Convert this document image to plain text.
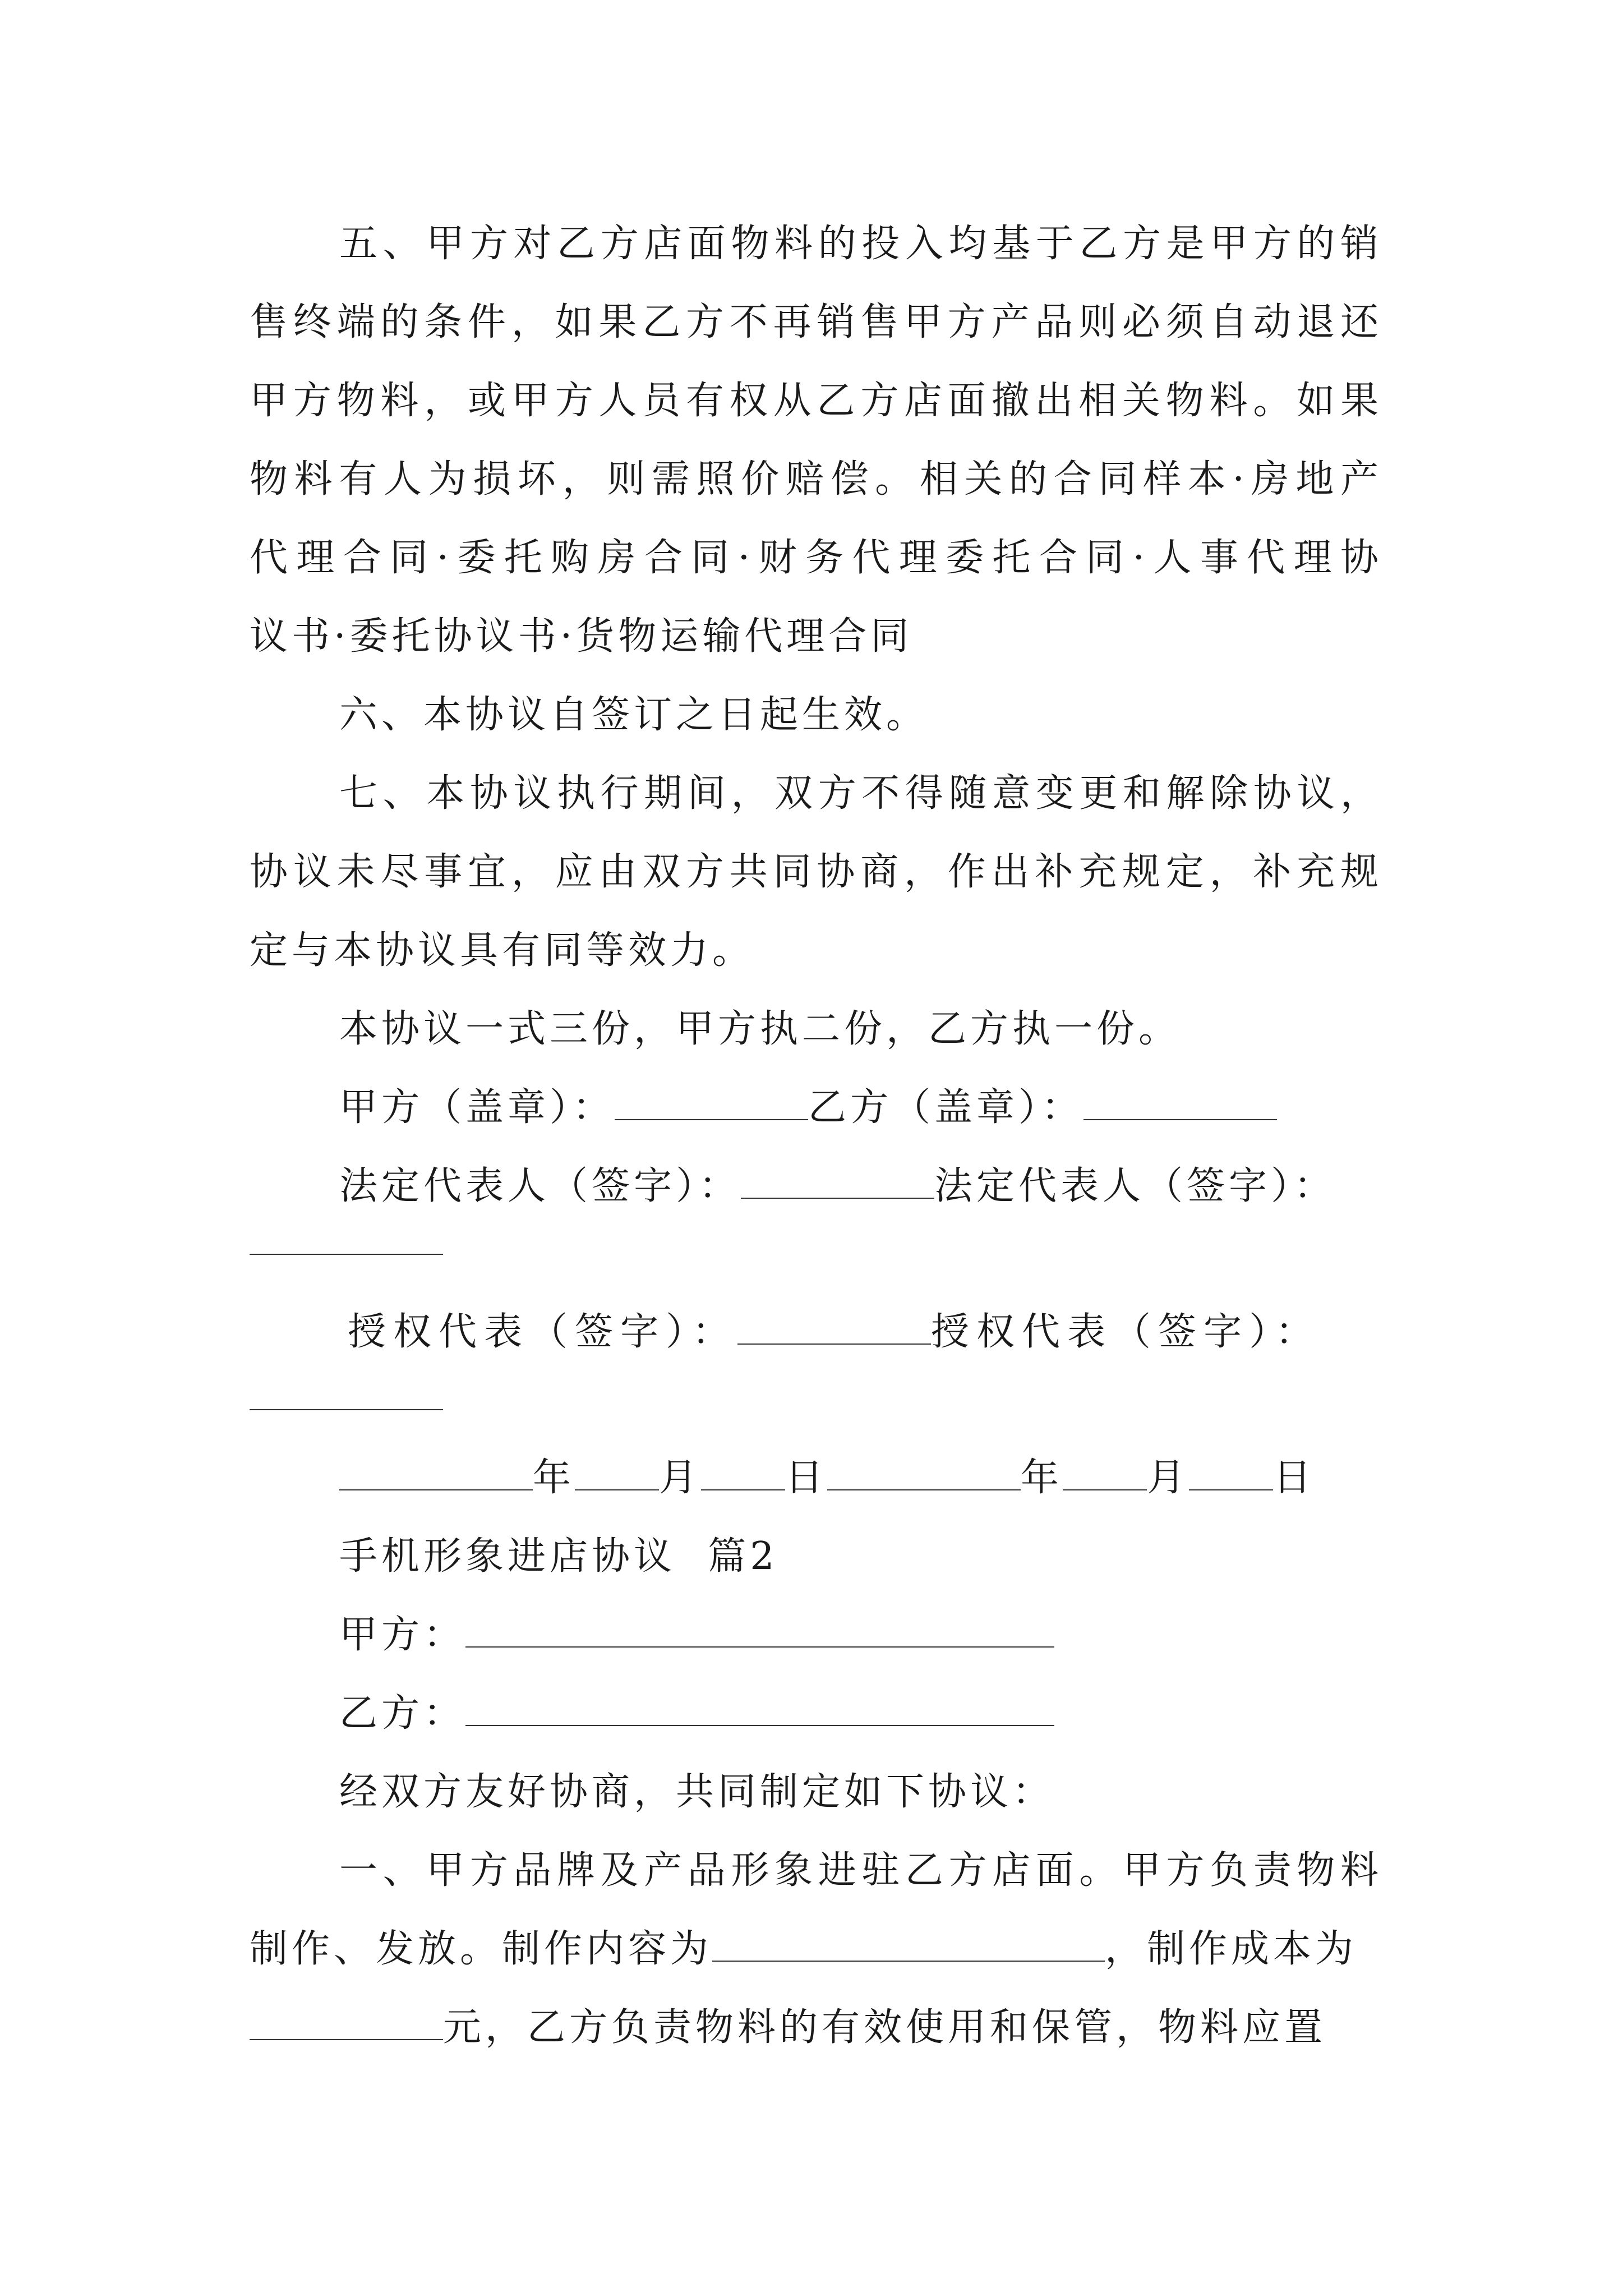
五、甲方对乙方店面物料的投入均基于乙方是甲方的销
售终端的条件，如果乙方不再销售甲方产品则必须自动退还
甲方物料，或甲方人员有权从乙方店面撤出相关物料。如果
物料有人为损坏，则需照价赔偿。相关的合同样本·房地产
代理合同·委托购房合同·财务代理委托合同·人事代理协
议书·委托协议书·货物运输代理合同
六、本协议自签订之日起生效。
七、本协议执行期间，双方不得随意变更和解除协议，
协议未尽事宜，应由双方共同协商，作出补充规定，补充规
定与本协议具有同等效力。
本协议一式三份，甲方执二份，乙方执一份。
甲方（盖章）：	乙方（盖章）：
法定代表人（签字）：	法定代表人（签字）：
授权代表（签字）：	授权代表（签字）：
年 月 日	年 月 日
手机形象进店协议  篇2
甲方：
乙方：
经双方友好协商，共同制定如下协议：
一、甲方品牌及产品形象进驻乙方店面。甲方负责物料
制作、发放。制作内容为	，制作成本为
元，乙方负责物料的有效使用和保管，物料应置
